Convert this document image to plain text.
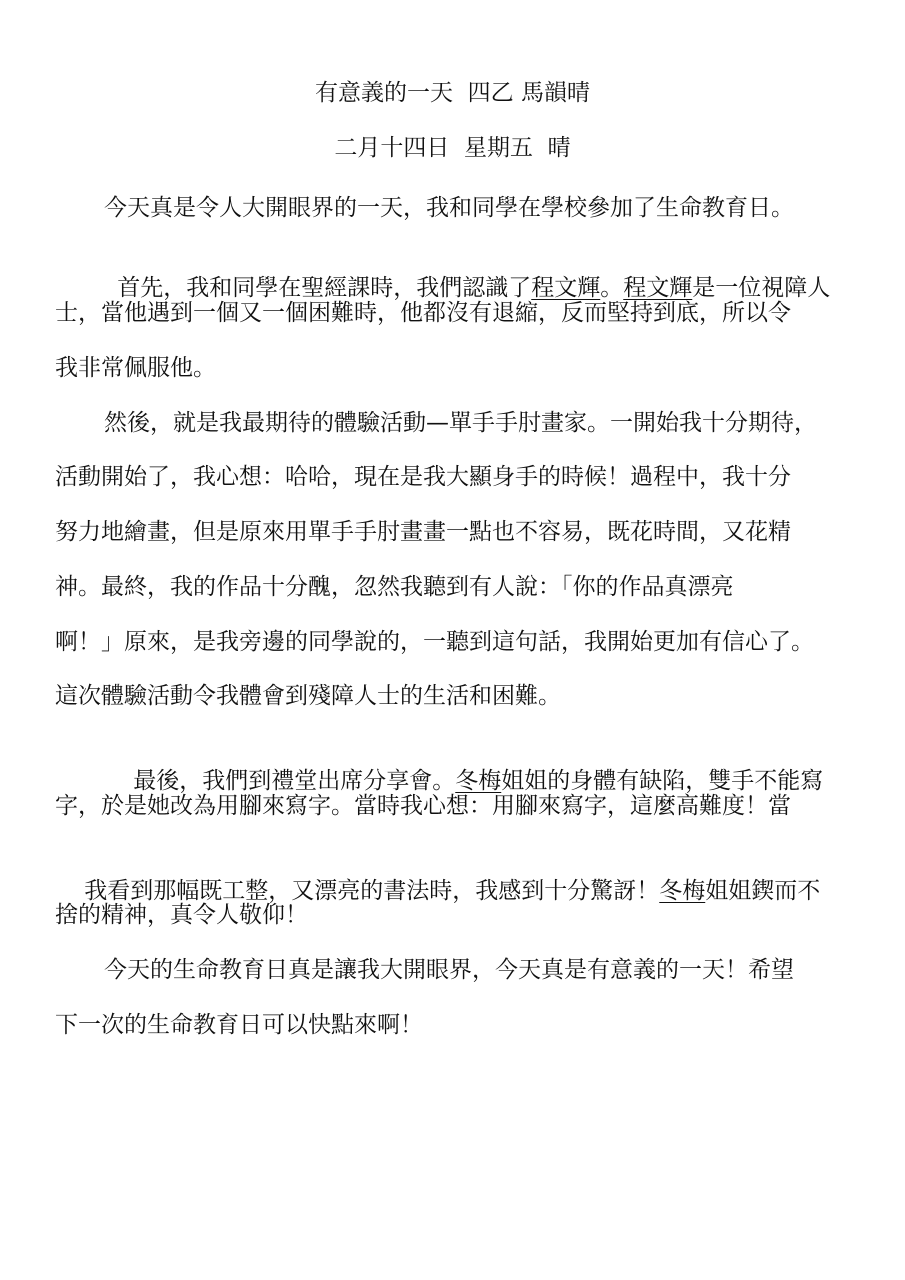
有意義的一天  四乙 馬韻晴
二月十四日  星期五  晴
今天真是令人大開眼界的一天，我和同學在學校參加了生命教育日。

首先，我和同學在聖經課時，我們認識了程文輝。程文輝是一位視障人

士，當他遇到一個又一個困難時，他都沒有退縮，反而堅持到底，所以令
我非常佩服他。
然後，就是我最期待的體驗活動—單手手肘畫家。一開始我十分期待，
活動開始了，我心想：哈哈，現在是我大顯身手的時候！過程中，我十分
努力地繪畫，但是原來用單手手肘畫畫一點也不容易，既花時間，又花精
神。最終，我的作品十分醜，忽然我聽到有人說：「你的作品真漂亮
啊！」原來，是我旁邊的同學說的，一聽到這句話，我開始更加有信心了。
這次體驗活動令我體會到殘障人士的生活和困難。

最後，我們到禮堂出席分享會。冬梅姐姐的身體有缺陷，雙手不能寫

字，於是她改為用腳來寫字。當時我心想：用腳來寫字，這麼高難度！當

我看到那幅既工整，又漂亮的書法時，我感到十分驚訝！冬梅姐姐鍥而不

捨的精神，真令人敬仰！
今天的生命教育日真是讓我大開眼界，今天真是有意義的一天！希望
下一次的生命教育日可以快點來啊！
